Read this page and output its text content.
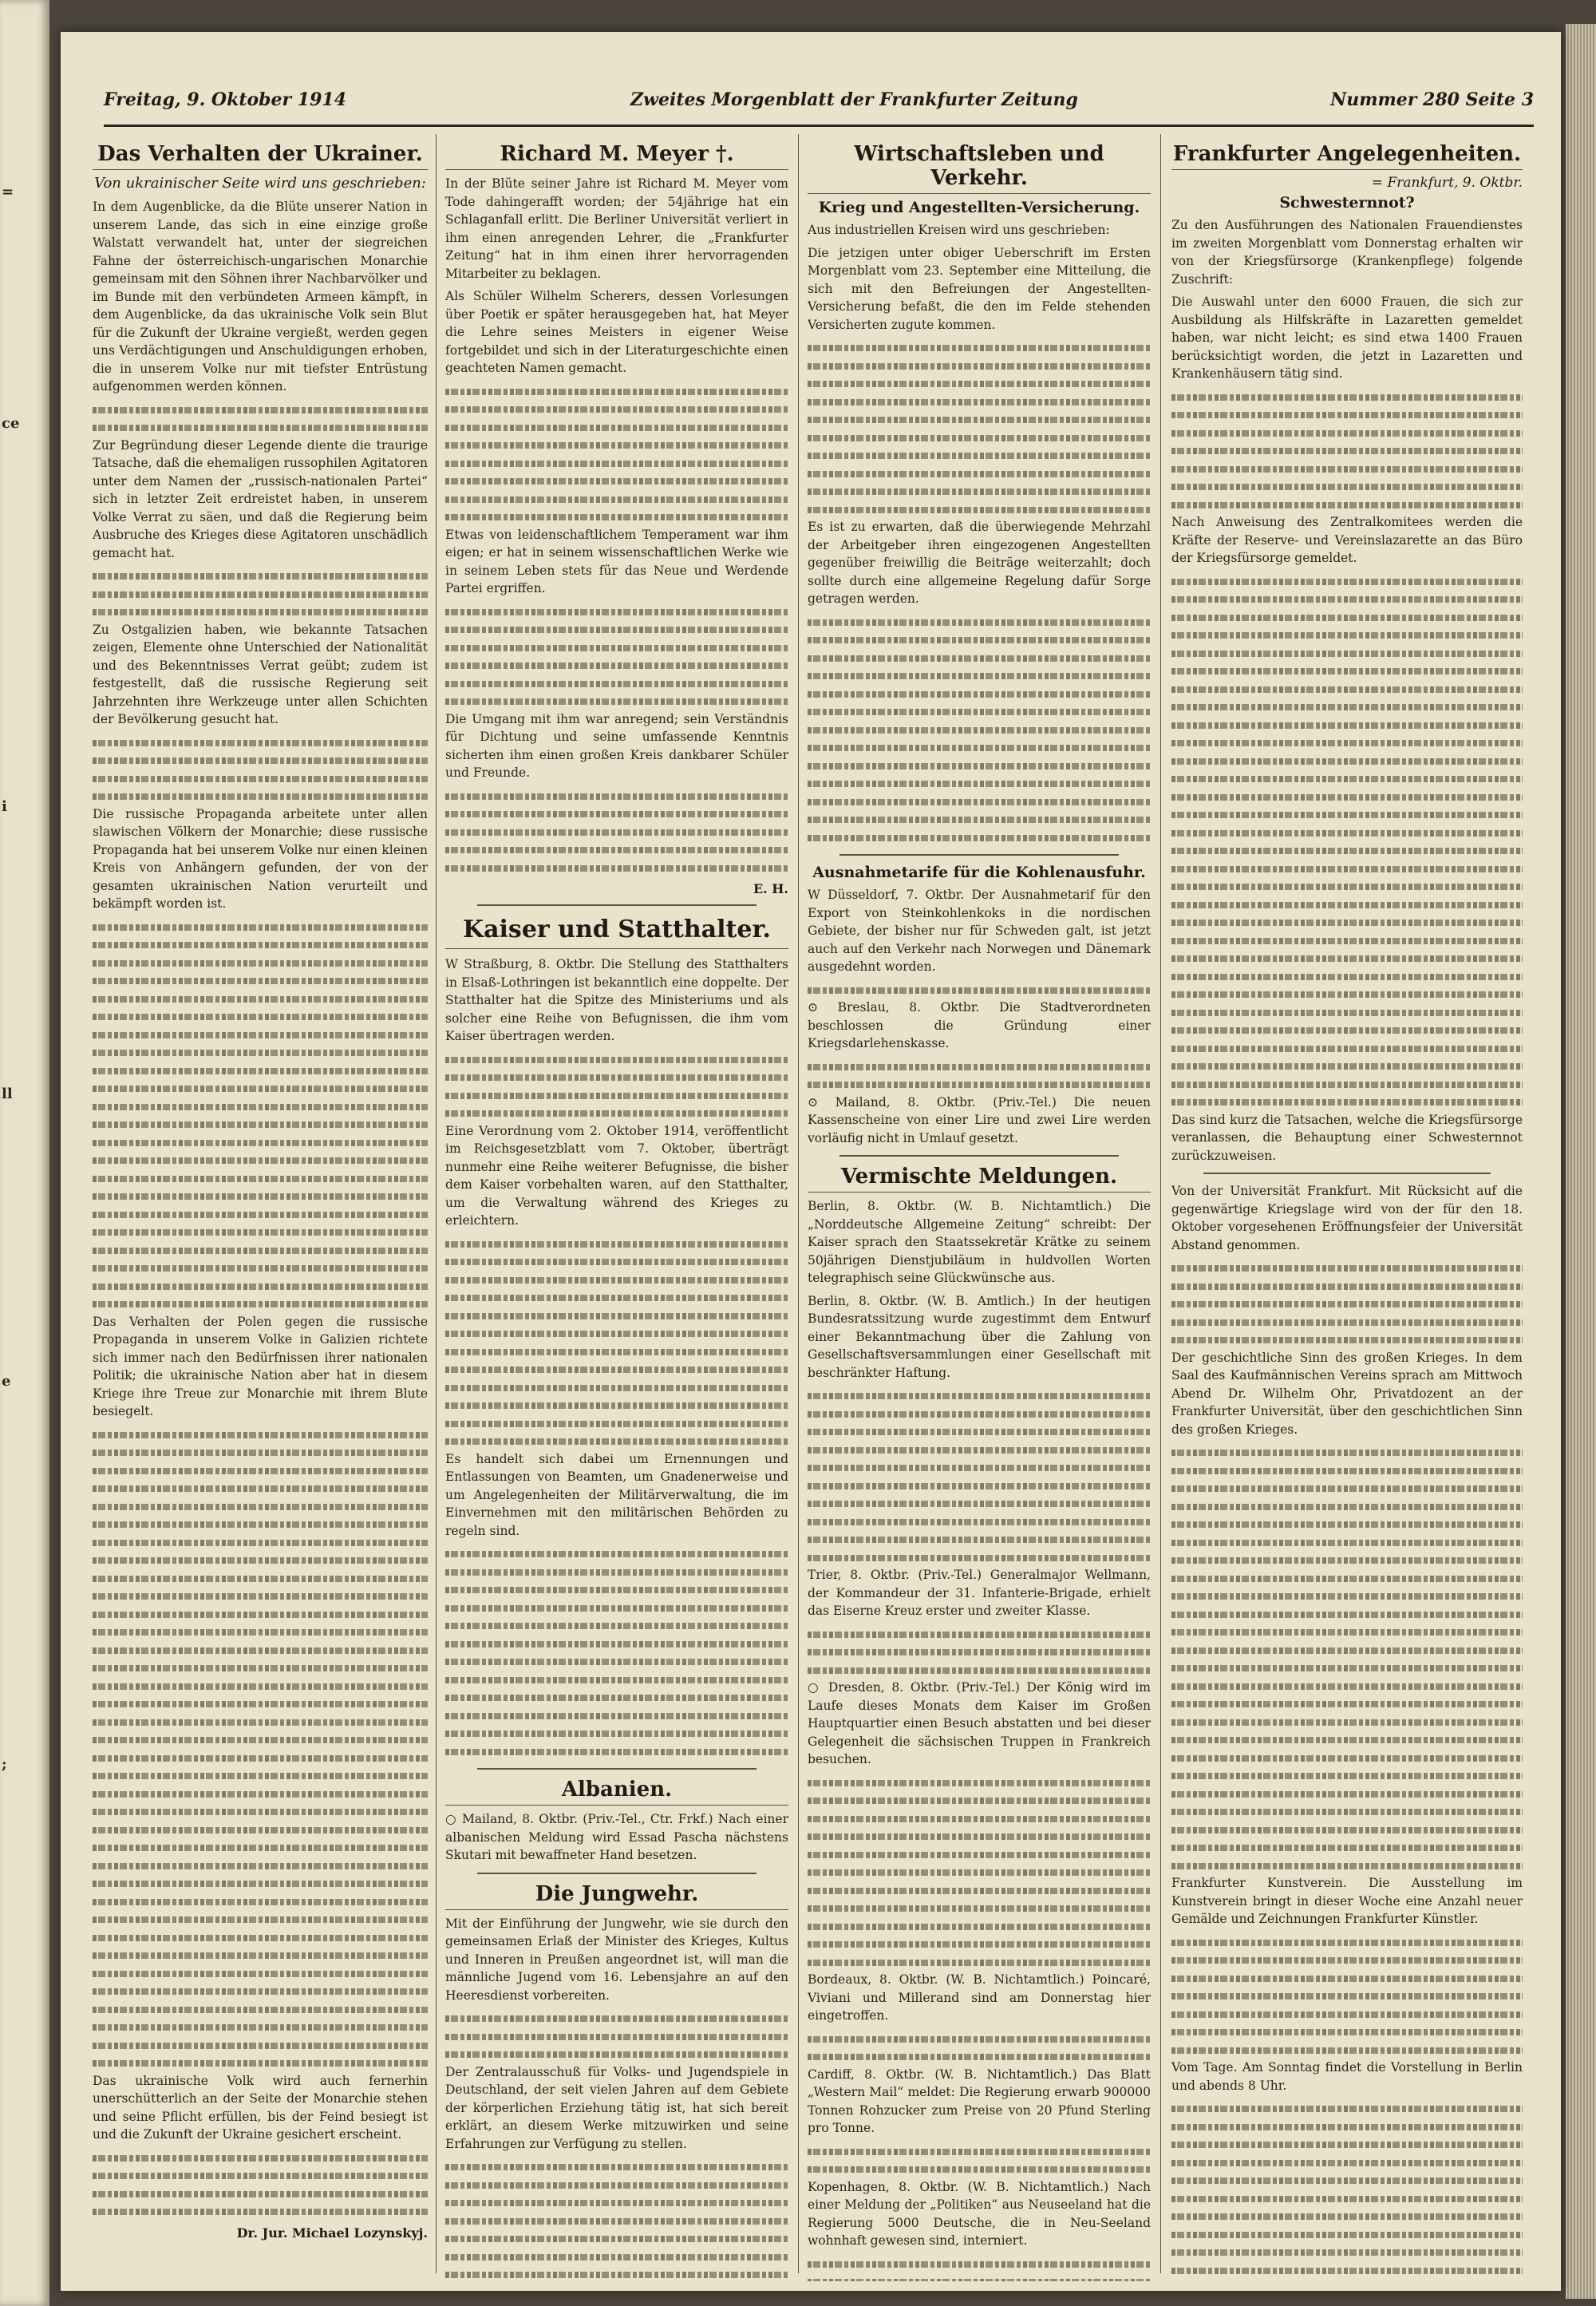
=
ce
i
ll
e
;
Freitag, 9. Oktober 1914	Zweites Morgenblatt der Frankfurter Zeitung	Nummer 280 Seite 3
Das Verhalten der Ukrainer.
Von ukrainischer Seite wird uns geschrieben:

In dem Augenblicke, da die Blüte unserer Nation in unserem Lande, das sich in eine einzige große Walstatt verwandelt hat, unter der siegreichen Fahne der österreichisch-ungarischen Monarchie gemeinsam mit den Söhnen ihrer Nachbarvölker und im Bunde mit den verbündeten Armeen kämpft, in dem Augenblicke, da das ukrainische Volk sein Blut für die Zukunft der Ukraine vergießt, werden gegen uns Verdächtigungen und Anschuldigungen erhoben, die in unserem Volke nur mit tiefster Entrüstung aufgenommen werden können.

Zur Begründung dieser Legende diente die traurige Tatsache, daß die ehemaligen russophilen Agitatoren unter dem Namen der „russisch-nationalen Partei“ sich in letzter Zeit erdreistet haben, in unserem Volke Verrat zu säen, und daß die Regierung beim Ausbruche des Krieges diese Agitatoren unschädlich gemacht hat.

Zu Ostgalizien haben, wie bekannte Tatsachen zeigen, Elemente ohne Unterschied der Nationalität und des Bekenntnisses Verrat geübt; zudem ist festgestellt, daß die russische Regierung seit Jahrzehnten ihre Werkzeuge unter allen Schichten der Bevölkerung gesucht hat.

Die russische Propaganda arbeitete unter allen slawischen Völkern der Monarchie; diese russische Propaganda hat bei unserem Volke nur einen kleinen Kreis von Anhängern gefunden, der von der gesamten ukrainischen Nation verurteilt und bekämpft worden ist.

Das Verhalten der Polen gegen die russische Propaganda in unserem Volke in Galizien richtete sich immer nach den Bedürfnissen ihrer nationalen Politik; die ukrainische Nation aber hat in diesem Kriege ihre Treue zur Monarchie mit ihrem Blute besiegelt.

Das ukrainische Volk wird auch fernerhin unerschütterlich an der Seite der Monarchie stehen und seine Pflicht erfüllen, bis der Feind besiegt ist und die Zukunft der Ukraine gesichert erscheint.

Dr. Jur. Michael Lozynskyj.
Richard M. Meyer †.

In der Blüte seiner Jahre ist Richard M. Meyer vom Tode dahingerafft worden; der 54jährige hat ein Schlaganfall erlitt. Die Berliner Universität verliert in ihm einen anregenden Lehrer, die „Frankfurter Zeitung“ hat in ihm einen ihrer hervorragenden Mitarbeiter zu beklagen.

Als Schüler Wilhelm Scherers, dessen Vorlesungen über Poetik er später herausgegeben hat, hat Meyer die Lehre seines Meisters in eigener Weise fortgebildet und sich in der Literaturgeschichte einen geachteten Namen gemacht.

Etwas von leidenschaftlichem Temperament war ihm eigen; er hat in seinem wissenschaftlichen Werke wie in seinem Leben stets für das Neue und Werdende Partei ergriffen.

Die Umgang mit ihm war anregend; sein Verständnis für Dichtung und seine umfassende Kenntnis sicherten ihm einen großen Kreis dankbarer Schüler und Freunde.

E. H.
Kaiser und Statthalter.

W Straßburg, 8. Oktbr. Die Stellung des Statthalters in Elsaß-Lothringen ist bekanntlich eine doppelte. Der Statthalter hat die Spitze des Ministeriums und als solcher eine Reihe von Befugnissen, die ihm vom Kaiser übertragen werden.

Eine Verordnung vom 2. Oktober 1914, veröffentlicht im Reichsgesetzblatt vom 7. Oktober, überträgt nunmehr eine Reihe weiterer Befugnisse, die bisher dem Kaiser vorbehalten waren, auf den Statthalter, um die Verwaltung während des Krieges zu erleichtern.

Es handelt sich dabei um Ernennungen und Entlassungen von Beamten, um Gnadenerweise und um Angelegenheiten der Militärverwaltung, die im Einvernehmen mit den militärischen Behörden zu regeln sind.

Albanien.

○ Mailand, 8. Oktbr. (Priv.-Tel., Ctr. Frkf.) Nach einer albanischen Meldung wird Essad Pascha nächstens Skutari mit bewaffneter Hand besetzen.

Die Jungwehr.

Mit der Einführung der Jungwehr, wie sie durch den gemeinsamen Erlaß der Minister des Krieges, Kultus und Inneren in Preußen angeordnet ist, will man die männliche Jugend vom 16. Lebensjahre an auf den Heeresdienst vorbereiten.

Der Zentralausschuß für Volks- und Jugendspiele in Deutschland, der seit vielen Jahren auf dem Gebiete der körperlichen Erziehung tätig ist, hat sich bereit erklärt, an diesem Werke mitzuwirken und seine Erfahrungen zur Verfügung zu stellen.

Wirtschaftsleben und Verkehr.
Krieg und Angestellten-Versicherung.

Aus industriellen Kreisen wird uns geschrieben:

Die jetzigen unter obiger Ueberschrift im Ersten Morgenblatt vom 23. September eine Mitteilung, die sich mit den Befreiungen der Angestellten-Versicherung befaßt, die den im Felde stehenden Versicherten zugute kommen.

Es ist zu erwarten, daß die überwiegende Mehrzahl der Arbeitgeber ihren eingezogenen Angestellten gegenüber freiwillig die Beiträge weiterzahlt; doch sollte durch eine allgemeine Regelung dafür Sorge getragen werden.

Ausnahmetarife für die Kohlenausfuhr.

W Düsseldorf, 7. Oktbr. Der Ausnahmetarif für den Export von Steinkohlenkoks in die nordischen Gebiete, der bisher nur für Schweden galt, ist jetzt auch auf den Verkehr nach Norwegen und Dänemark ausgedehnt worden.

⊙ Breslau, 8. Oktbr. Die Stadtverordneten beschlossen die Gründung einer Kriegsdarlehenskasse.

⊙ Mailand, 8. Oktbr. (Priv.-Tel.) Die neuen Kassenscheine von einer Lire und zwei Lire werden vorläufig nicht in Umlauf gesetzt.

Vermischte Meldungen.

Berlin, 8. Oktbr. (W. B. Nichtamtlich.) Die „Norddeutsche Allgemeine Zeitung“ schreibt: Der Kaiser sprach den Staatssekretär Krätke zu seinem 50jährigen Dienstjubiläum in huldvollen Worten telegraphisch seine Glückwünsche aus.

Berlin, 8. Oktbr. (W. B. Amtlich.) In der heutigen Bundesratssitzung wurde zugestimmt dem Entwurf einer Bekanntmachung über die Zahlung von Gesellschaftsversammlungen einer Gesellschaft mit beschränkter Haftung.

Trier, 8. Oktbr. (Priv.-Tel.) Generalmajor Wellmann, der Kommandeur der 31. Infanterie-Brigade, erhielt das Eiserne Kreuz erster und zweiter Klasse.

○ Dresden, 8. Oktbr. (Priv.-Tel.) Der König wird im Laufe dieses Monats dem Kaiser im Großen Hauptquartier einen Besuch abstatten und bei dieser Gelegenheit die sächsischen Truppen in Frankreich besuchen.

Bordeaux, 8. Oktbr. (W. B. Nichtamtlich.) Poincaré, Viviani und Millerand sind am Donnerstag hier eingetroffen.

Cardiff, 8. Oktbr. (W. B. Nichtamtlich.) Das Blatt „Western Mail“ meldet: Die Regierung erwarb 900000 Tonnen Rohzucker zum Preise von 20 Pfund Sterling pro Tonne.

Kopenhagen, 8. Oktbr. (W. B. Nichtamtlich.) Nach einer Meldung der „Politiken“ aus Neuseeland hat die Regierung 5000 Deutsche, die in Neu-Seeland wohnhaft gewesen sind, interniert.

Frankfurter Angelegenheiten.
= Frankfurt, 9. Oktbr.
Schwesternnot?

Zu den Ausführungen des Nationalen Frauendienstes im zweiten Morgenblatt vom Donnerstag erhalten wir von der Kriegsfürsorge (Krankenpflege) folgende Zuschrift:

Die Auswahl unter den 6000 Frauen, die sich zur Ausbildung als Hilfskräfte in Lazaretten gemeldet haben, war nicht leicht; es sind etwa 1400 Frauen berücksichtigt worden, die jetzt in Lazaretten und Krankenhäusern tätig sind.

Nach Anweisung des Zentralkomitees werden die Kräfte der Reserve- und Vereinslazarette an das Büro der Kriegsfürsorge gemeldet.

Das sind kurz die Tatsachen, welche die Kriegsfürsorge veranlassen, die Behauptung einer Schwesternnot zurückzuweisen.

Von der Universität Frankfurt. Mit Rücksicht auf die gegenwärtige Kriegslage wird von der für den 18. Oktober vorgesehenen Eröffnungsfeier der Universität Abstand genommen.

Der geschichtliche Sinn des großen Krieges. In dem Saal des Kaufmännischen Vereins sprach am Mittwoch Abend Dr. Wilhelm Ohr, Privatdozent an der Frankfurter Universität, über den geschichtlichen Sinn des großen Krieges.

Frankfurter Kunstverein. Die Ausstellung im Kunstverein bringt in dieser Woche eine Anzahl neuer Gemälde und Zeichnungen Frankfurter Künstler.

Vom Tage. Am Sonntag findet die Vorstellung in Berlin und abends 8 Uhr.
